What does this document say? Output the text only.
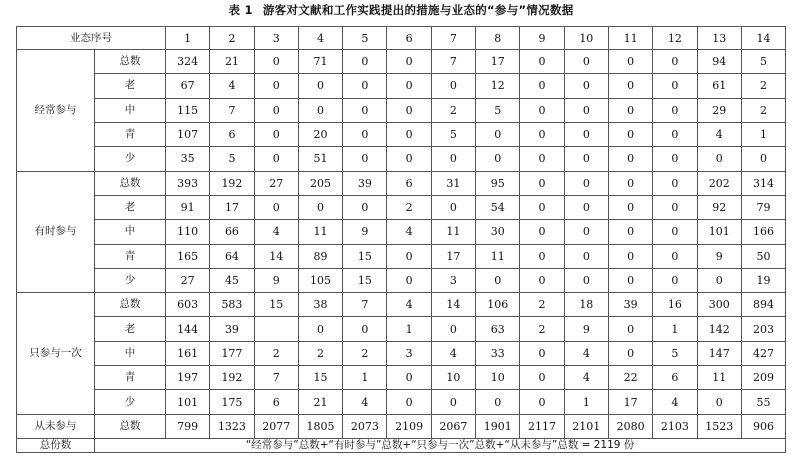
表 1 游客对文献和工作实践提出的措施与业态的“参与”情况数据
业态序号		1	2	3	4	5	6	7	8	9	10	11	12	13	14
经常参与	总数	324	21	0	71	0	0	7	17	0	0	0	0	94	5
	老	67	4	0	0	0	0	0	12	0	0	0	0	61	2
	中	115	7	0	0	0	0	2	5	0	0	0	0	29	2
	青	107	6	0	20	0	0	5	0	0	0	0	0	4	1
	少	35	5	0	51	0	0	0	0	0	0	0	0	0	0
有时参与	总数	393	192	27	205	39	6	31	95	0	0	0	0	202	314
	老	91	17	0	0	0	2	0	54	0	0	0	0	92	79
	中	110	66	4	11	9	4	11	30	0	0	0	0	101	166
	青	165	64	14	89	15	0	17	11	0	0	0	0	9	50
	少	27	45	9	105	15	0	3	0	0	0	0	0	0	19
只参与一次	总数	603	583	15	38	7	4	14	106	2	18	39	16	300	894
	老	144	39		0	0	1	0	63	2	9	0	1	142	203
	中	161	177	2	2	2	3	4	33	0	4	0	5	147	427
	青	197	192	7	15	1	0	10	10	0	4	22	6	11	209
	少	101	175	6	21	4	0	0	0	0	1	17	4	0	55
从未参与	总数	799	1323	2077	1805	2073	2109	2067	1901	2117	2101	2080	2103	1523	906
总份数	“经常参与”总数+“有时参与”总数+“只参与一次”总数+“从未参与”总数 = 2119 份														
